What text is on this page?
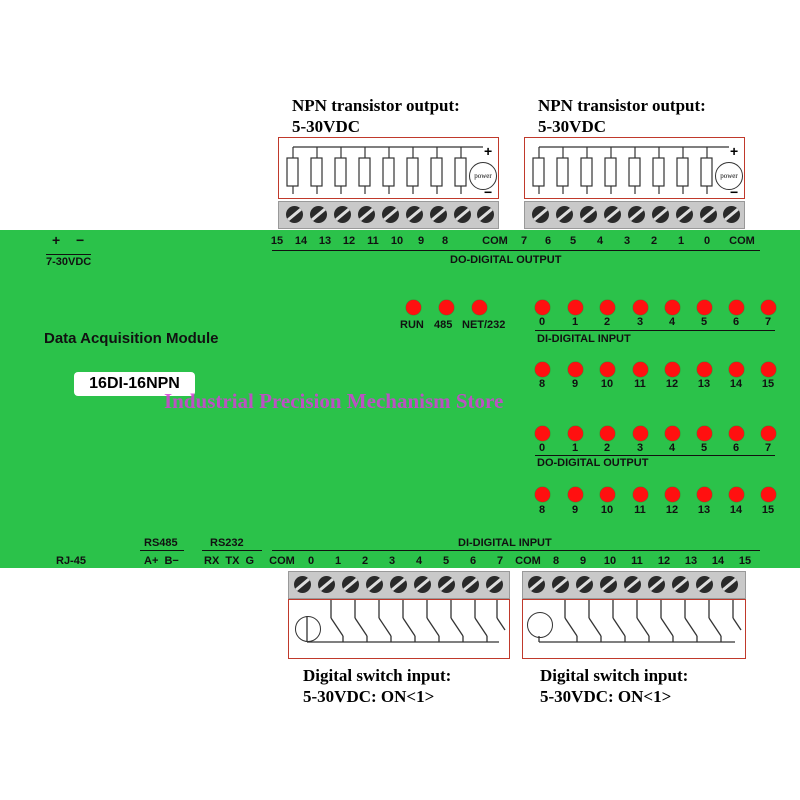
NPN transistor output:
5-30VDC
NPN transistor output:
5-30VDC
power
+
−
power
+
−
+ −
7-30VDC
15	14	13	12	11	10	9	8	COM	7	6	5	4	3	2	1	0	COM
DO-DIGITAL OUTPUT
Data Acquisition Module
16DI-16NPN
RUN 485 NET/232	0	1	2	3	4	5	6	7
DI-DIGITAL INPUT
8	9	10	11	12	13	14	15
0	1	2	3	4	5	6	7
DO-DIGITAL OUTPUT
8	9	10	11	12	13	14	15
DI-DIGITAL INPUT
RS485
A+  B−
RS232
RX  TX  G
RJ-45	COM	0	1	2	3	4	5	6	7	COM	8	9	10	11	12	13	14	15
Industrial Precision Mechanism Store
Digital switch input:
5-30VDC: ON<1>
Digital switch input:
5-30VDC: ON<1>
